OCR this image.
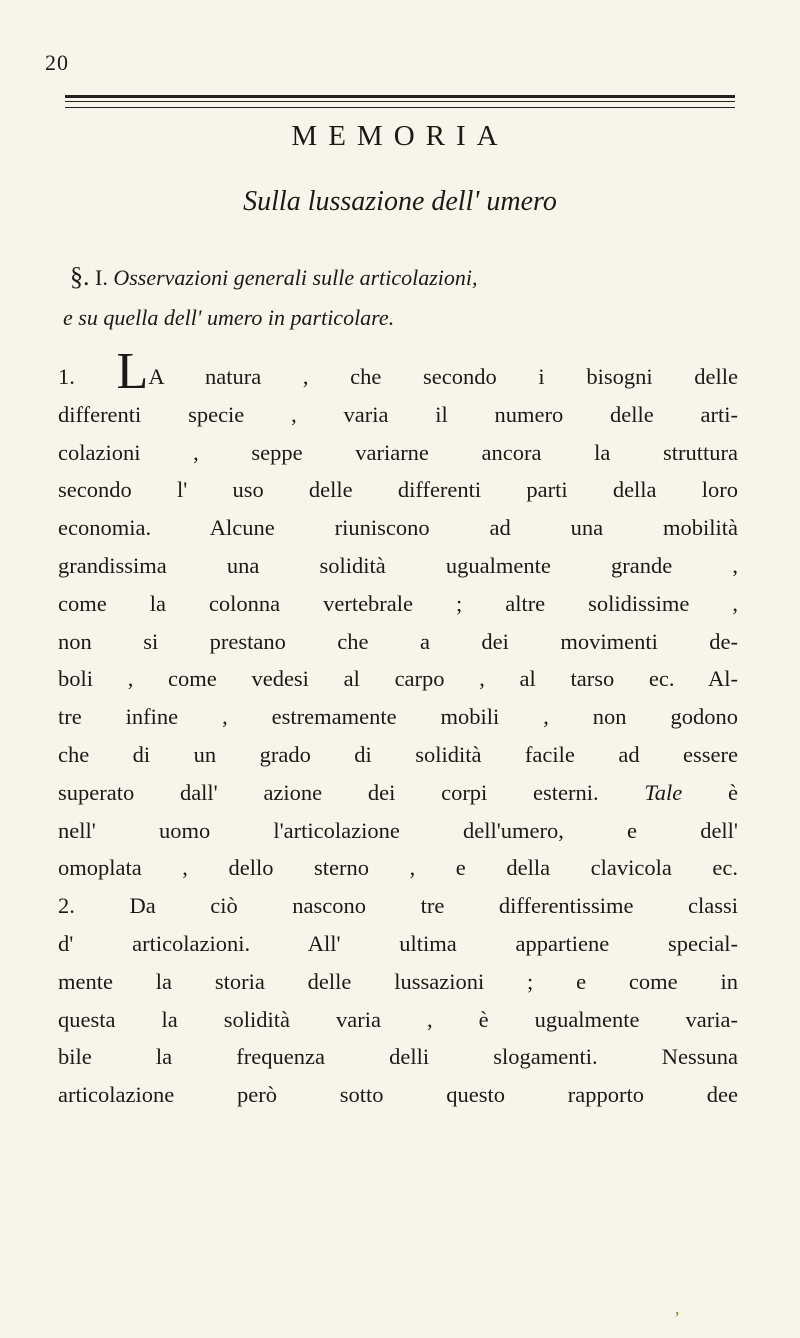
20
MEMORIA
Sulla lussazione dell' umero
§. I. Osservazioni generali sulle articolazioni,
e su quella dell' umero in particolare.
1. LA natura , che secondo i bisogni delle
differenti specie , varia il numero delle arti-
colazioni , seppe variarne ancora la struttura
secondo l' uso delle differenti parti della loro
economia. Alcune riuniscono ad una mobilità
grandissima una solidità ugualmente grande ,
come la colonna vertebrale ; altre solidissime ,
non si prestano che a dei movimenti de-
boli , come vedesi al carpo , al tarso ec. Al-
tre infine , estremamente mobili , non godono
che di un grado di solidità facile ad essere
superato dall' azione dei corpi esterni. Tale è
nell' uomo l'articolazione dell'umero, e dell'
omoplata , dello sterno , e della clavicola ec.
2. Da ciò nascono tre differentissime classi
d' articolazioni. All' ultima appartiene special-
mente la storia delle lussazioni ; e come in
questa la solidità varia , è ugualmente varia-
bile la frequenza delli slogamenti. Nessuna
articolazione però sotto questo rapporto dee
,
